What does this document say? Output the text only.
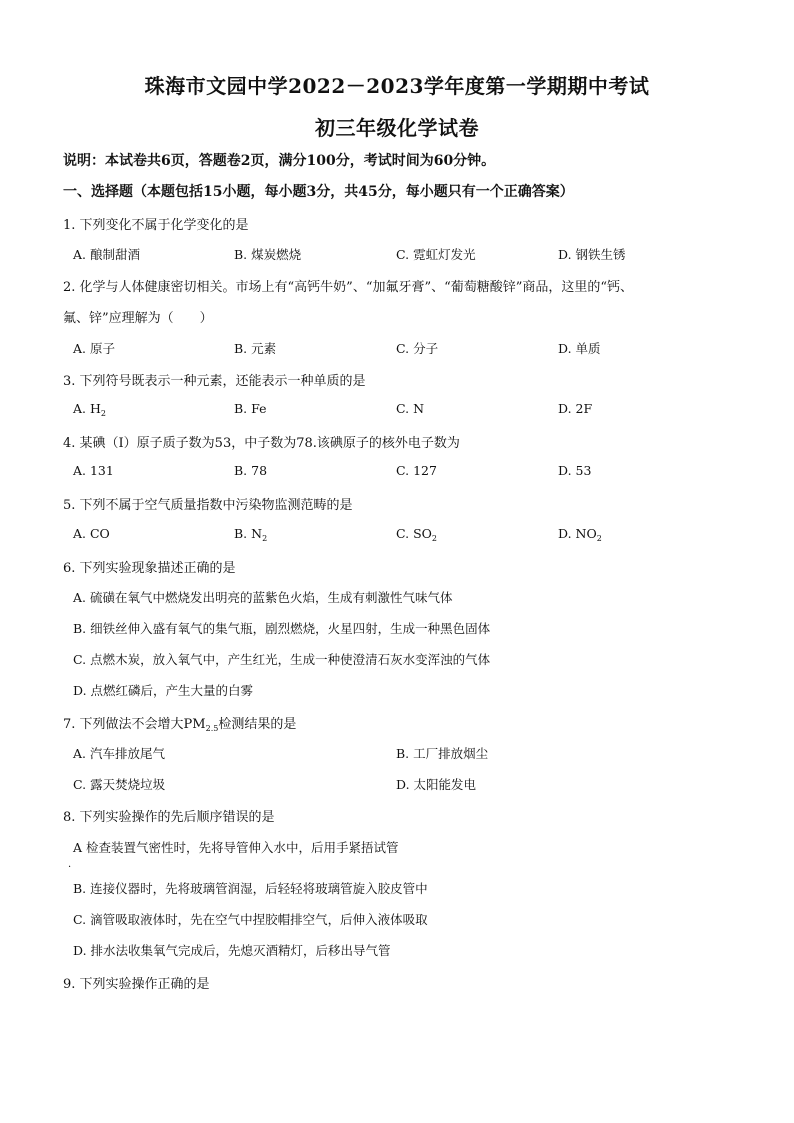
珠海市文园中学2022－2023学年度第一学期期中考试
初三年级化学试卷
说明：本试卷共6页，答题卷2页，满分100分，考试时间为60分钟。
一、选择题（本题包括15小题，每小题3分，共45分，每小题只有一个正确答案）
1. 下列变化不属于化学变化的是
A. 酿制甜酒	B. 煤炭燃烧	C. 霓虹灯发光	D. 钢铁生锈
2. 化学与人体健康密切相关。市场上有“高钙牛奶”、“加氟牙膏”、“葡萄糖酸锌”商品，这里的“钙、
氟、锌”应理解为（　　）
A. 原子	B. 元素	C. 分子	D. 单质
3. 下列符号既表示一种元素，还能表示一种单质的是
A. $H_2$	B. Fe	C. N	D. 2F
4. 某碘（I）原子质子数为53，中子数为78.该碘原子的核外电子数为
A. 131	B. 78	C. 127	D. 53
5. 下列不属于空气质量指数中污染物监测范畴的是
A. CO	B. $N_2$	C. $SO_2$	D. $NO_2$
6. 下列实验现象描述正确的是
A. 硫磺在氧气中燃烧发出明亮的蓝紫色火焰，生成有刺激性气味气体
B. 细铁丝伸入盛有氧气的集气瓶，剧烈燃烧，火星四射，生成一种黑色固体
C. 点燃木炭，放入氧气中，产生红光，生成一种使澄清石灰水变浑浊的气体
D. 点燃红磷后，产生大量的白雾
7. 下列做法不会增大$PM_{2.5}$检测结果的是
A. 汽车排放尾气	B. 工厂排放烟尘
C. 露天焚烧垃圾	D. 太阳能发电
8. 下列实验操作的先后顺序错误的是
A 检查装置气密性时，先将导管伸入水中，后用手紧捂试管
·
B. 连接仪器时，先将玻璃管润湿，后轻轻将玻璃管旋入胶皮管中
C. 滴管吸取液体时，先在空气中捏胶帽排空气，后伸入液体吸取
D. 排水法收集氧气完成后，先熄灭酒精灯，后移出导气管
9. 下列实验操作正确的是
